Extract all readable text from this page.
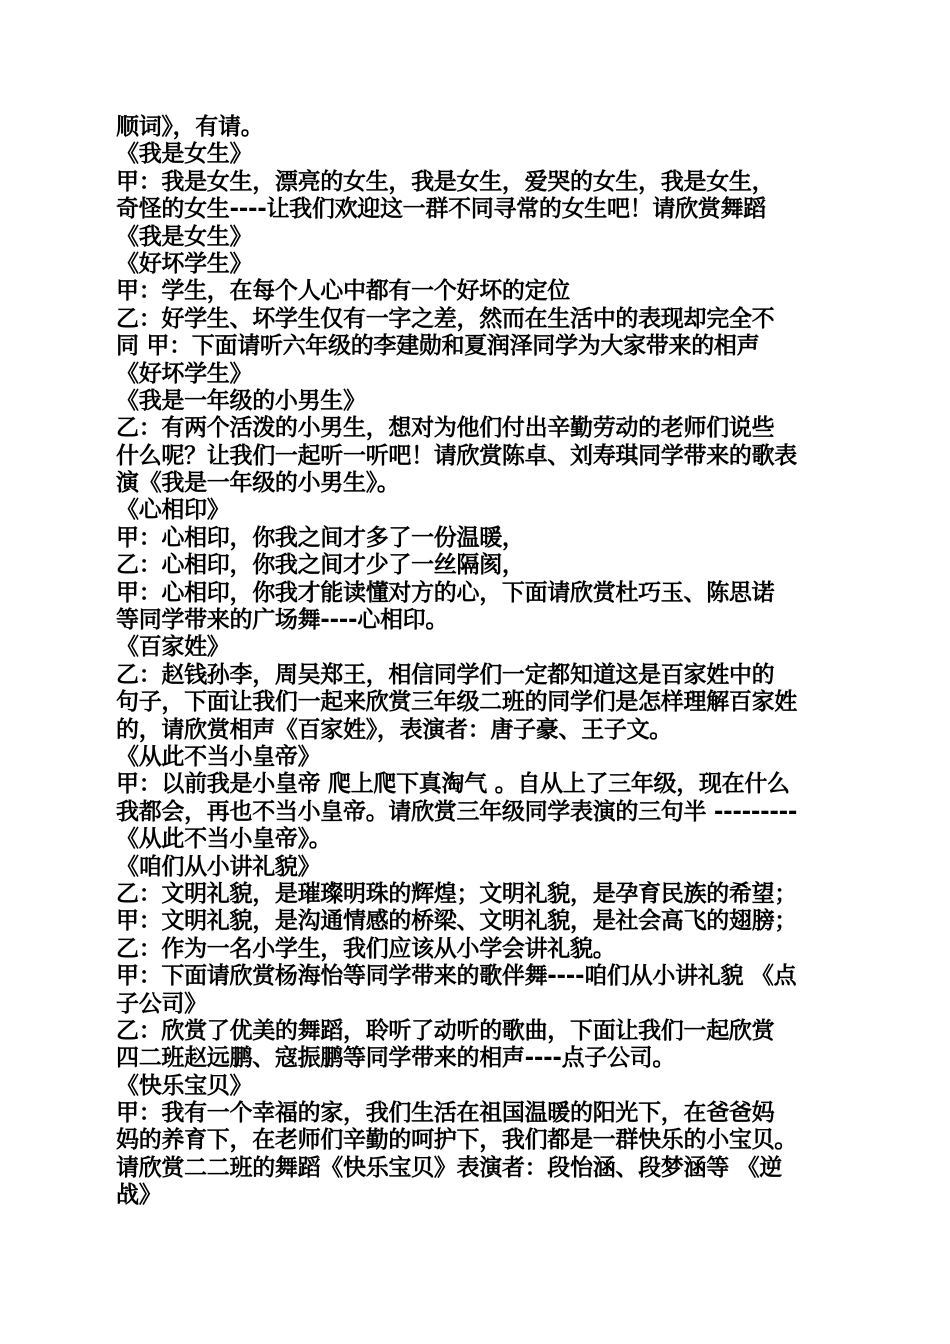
顺词》，有请。
《我是女生》
甲：我是女生，漂亮的女生，我是女生，爱哭的女生，我是女生，
奇怪的女生----让我们欢迎这一群不同寻常的女生吧！请欣赏舞蹈
《我是女生》
《好坏学生》
甲：学生，在每个人心中都有一个好坏的定位
乙：好学生、坏学生仅有一字之差，然而在生活中的表现却完全不
同 甲：下面请听六年级的李建勋和夏润泽同学为大家带来的相声
《好坏学生》
《我是一年级的小男生》
乙：有两个活泼的小男生，想对为他们付出辛勤劳动的老师们说些
什么呢？让我们一起听一听吧！请欣赏陈卓、刘寿琪同学带来的歌表
演《我是一年级的小男生》。
《心相印》
甲：心相印，你我之间才多了一份温暖，
乙：心相印，你我之间才少了一丝隔阂，
甲：心相印，你我才能读懂对方的心，下面请欣赏杜巧玉、陈思诺
等同学带来的广场舞----心相印。
《百家姓》
乙：赵钱孙李，周吴郑王，相信同学们一定都知道这是百家姓中的
句子，下面让我们一起来欣赏三年级二班的同学们是怎样理解百家姓
的，请欣赏相声《百家姓》，表演者：唐子豪、王子文。
《从此不当小皇帝》
甲：以前我是小皇帝 爬上爬下真淘气 。自从上了三年级，现在什么
我都会，再也不当小皇帝。请欣赏三年级同学表演的三句半 ---------
《从此不当小皇帝》。
《咱们从小讲礼貌》
乙：文明礼貌，是璀璨明珠的辉煌；文明礼貌，是孕育民族的希望；
甲：文明礼貌，是沟通情感的桥梁、文明礼貌，是社会高飞的翅膀；
乙：作为一名小学生，我们应该从小学会讲礼貌。
甲：下面请欣赏杨海怡等同学带来的歌伴舞----咱们从小讲礼貌 《点
子公司》
乙：欣赏了优美的舞蹈，聆听了动听的歌曲，下面让我们一起欣赏
四二班赵远鹏、寇振鹏等同学带来的相声----点子公司。
《快乐宝贝》
甲：我有一个幸福的家，我们生活在祖国温暖的阳光下，在爸爸妈
妈的养育下，在老师们辛勤的呵护下，我们都是一群快乐的小宝贝。
请欣赏二二班的舞蹈《快乐宝贝》表演者：段怡涵、段梦涵等 《逆
战》
